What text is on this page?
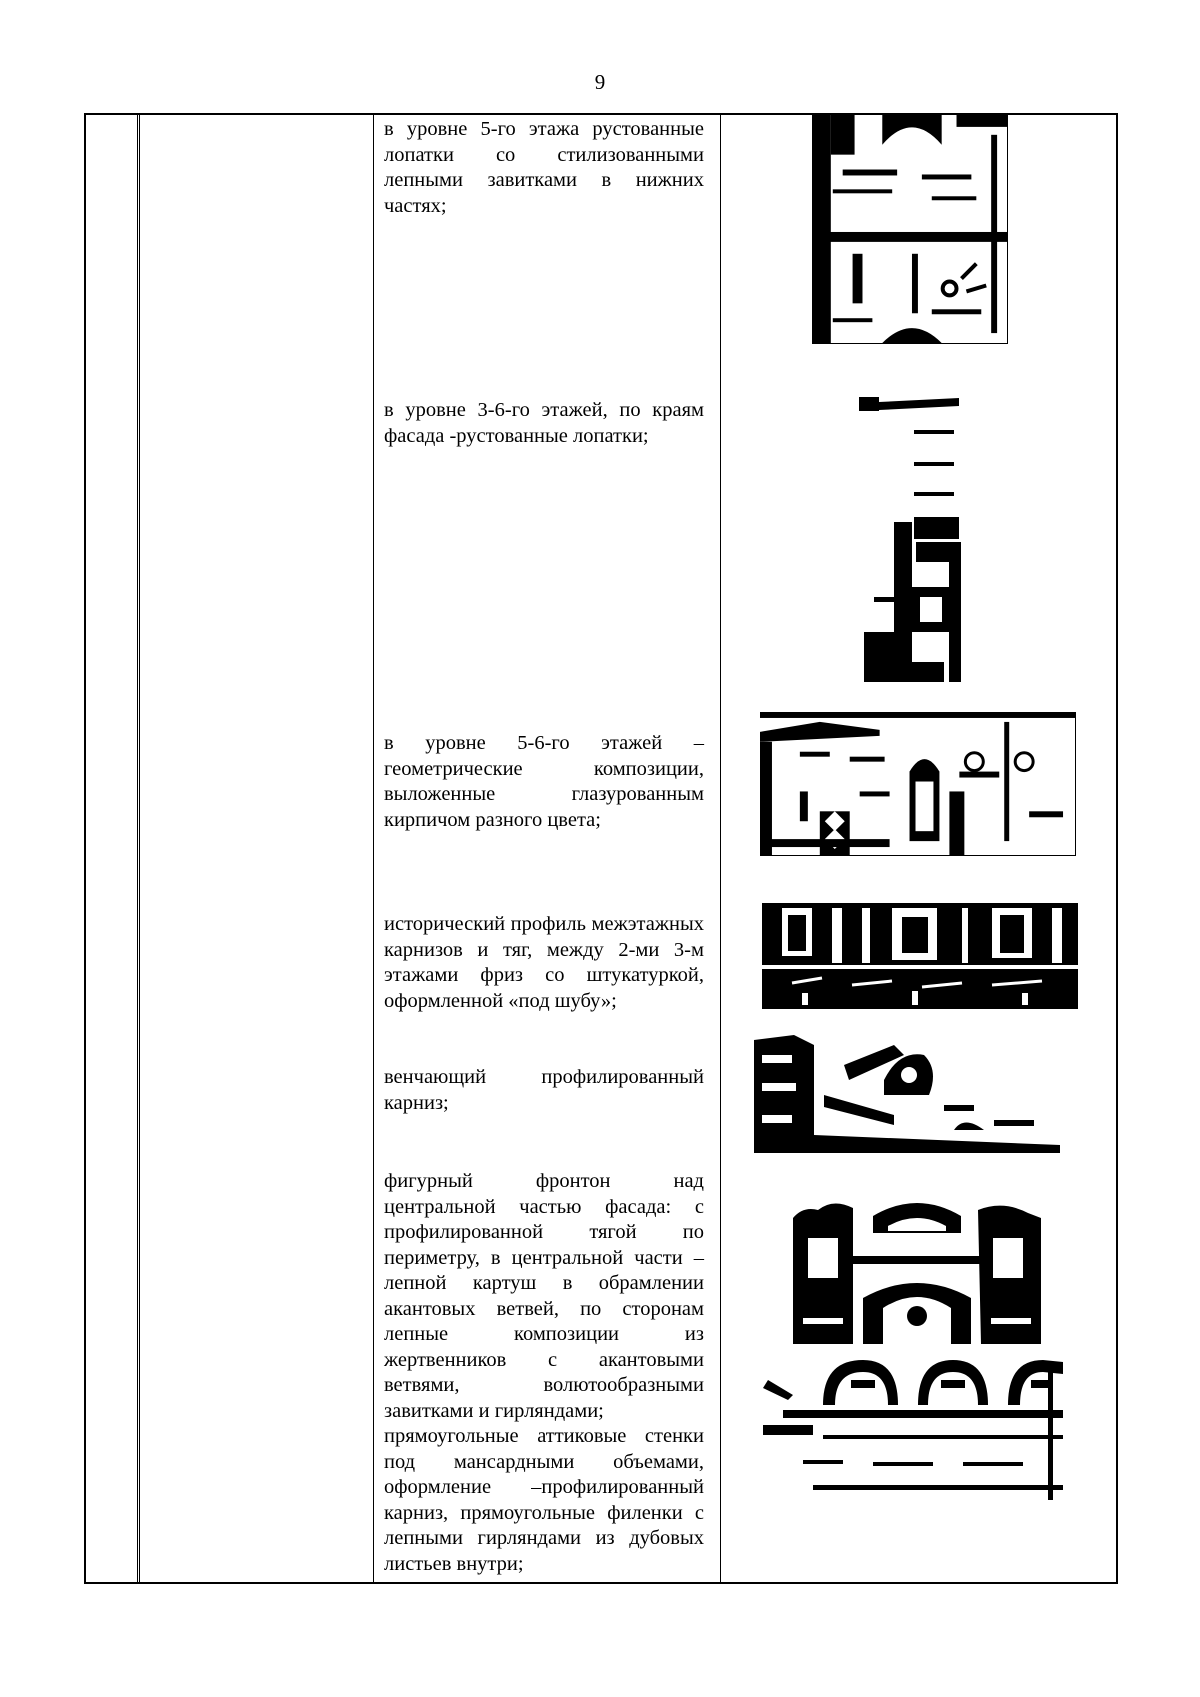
9

в уровне 5-го этажа рустованные лопатки со стилизованными лепными завитками в нижних частях;

в уровне 3-6-го этажей, по краям фасада -рустованные лопатки;

в уровне 5-6-го этажей – геометрические композиции, выложенные глазурованным кирпичом разного цвета;

исторический профиль межэтажных карнизов и тяг, между 2-ми 3-м этажами фриз со штукатуркой, оформленной «под шубу»;

венчающий профилированный карниз;

фигурный фронтон над центральной частью фасада: с профилированной тягой по периметру, в центральной части – лепной картуш в обрамлении акантовых ветвей, по сторонам лепные композиции из жертвенников с акантовыми ветвями, волютообразными завитками и гирляндами;

прямоугольные аттиковые стенки под мансардными объемами, оформление –профилированный карниз, прямоугольные филенки с лепными гирляндами из дубовых листьев внутри;
